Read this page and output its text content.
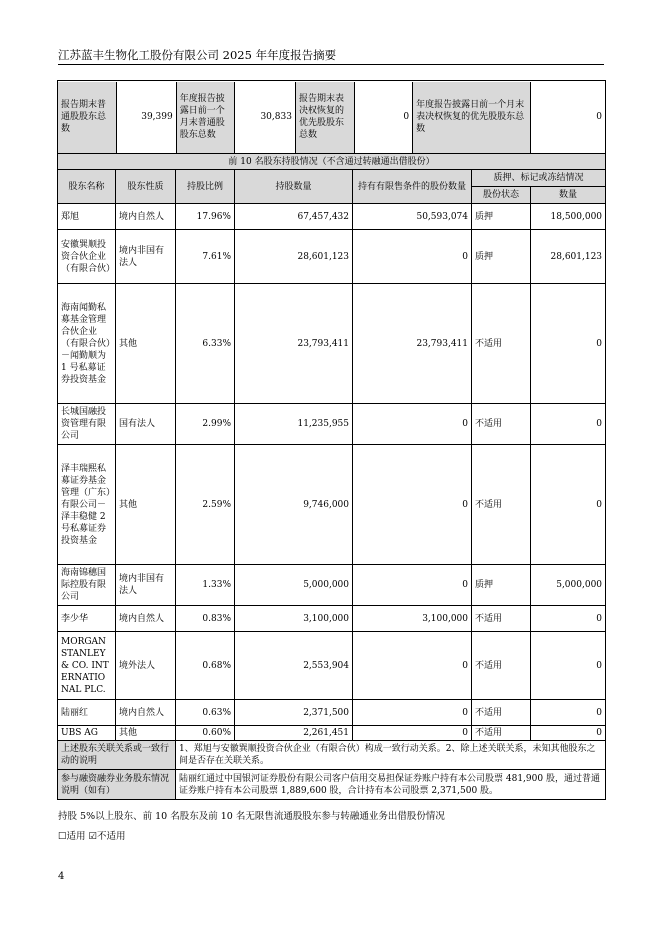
江苏蓝丰生物化工股份有限公司 2025 年年度报告摘要
报告期末普通股股东总数	39,399	年度报告披露日前一个月末普通股股东总数	30,833	报告期末表决权恢复的优先股股东总数	0	年度报告披露日前一个月末表决权恢复的优先股股东总数	0

前 10 名股东持股情况（不含通过转融通出借股份）
股东名称	股东性质	持股比例	持股数量	持有有限售条件的股份数量	质押、标记或冻结情况
股份状态	数量
郑旭	境内自然人	17.96%	67,457,432	50,593,074	质押	18,500,000
安徽巽顺投资合伙企业（有限合伙）	境内非国有法人	7.61%	28,601,123	0	质押	28,601,123
海南闻勤私募基金管理合伙企业（有限合伙）－闻勤顺为 1 号私募证券投资基金	其他	6.33%	23,793,411	23,793,411	不适用	0
长城国融投资管理有限公司	国有法人	2.99%	11,235,955	0	不适用	0
泽丰瑞熙私募证券基金管理（广东）有限公司－泽丰稳健 2 号私募证券投资基金	其他	2.59%	9,746,000	0	不适用	0
海南锦穗国际控股有限公司	境内非国有法人	1.33%	5,000,000	0	质押	5,000,000
李少华	境内自然人	0.83%	3,100,000	3,100,000	不适用	0
MORGAN STANLEY & CO. INTERNATIONAL PLC.	境外法人	0.68%	2,553,904	0	不适用	0
陆丽红	境内自然人	0.63%	2,371,500	0	不适用	0
UBS AG	其他	0.60%	2,261,451	0	不适用	0
上述股东关联关系或一致行动的说明	1、郑旭与安徽巽顺投资合伙企业（有限合伙）构成一致行动关系。2、除上述关联关系，未知其他股东之间是否存在关联关系。
参与融资融券业务股东情况说明（如有）	陆丽红通过中国银河证券股份有限公司客户信用交易担保证券账户持有本公司股票 481,900 股，通过普通证券账户持有本公司股票 1,889,600 股，合计持有本公司股票 2,371,500 股。
持股 5%以上股东、前 10 名股东及前 10 名无限售流通股股东参与转融通业务出借股份情况
☐适用 ☑不适用
4
